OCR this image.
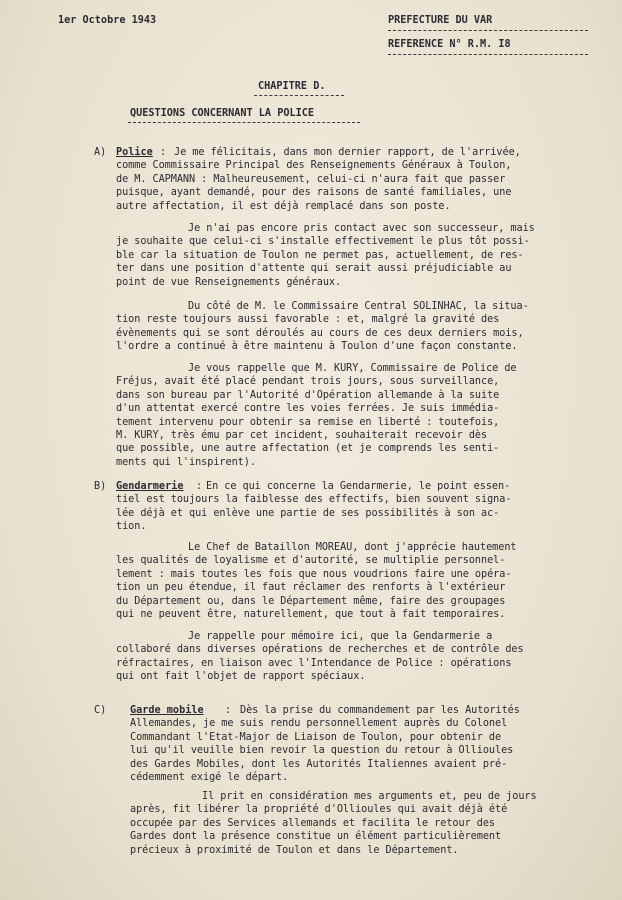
1er Octobre 1943	PREFECTURE DU VAR
REFERENCE N° R.M. I8
CHAPITRE D.
QUESTIONS CONCERNANT LA POLICE
A) Police : Je me félicitais, dans mon dernier rapport, de l'arrivée,
comme Commissaire Principal des Renseignements Généraux à Toulon,
de M. CAPMANN : Malheureusement, celui-ci n'aura fait que passer
puisque, ayant demandé, pour des raisons de santé familiales, une
autre affectation, il est déjà remplacé dans son poste.
Je n'ai pas encore pris contact avec son successeur, mais
je souhaite que celui-ci s'installe effectivement le plus tôt possi-
ble car la situation de Toulon ne permet pas, actuellement, de res-
ter dans une position d'attente qui serait aussi préjudiciable au
point de vue Renseignements généraux.
Du côté de M. le Commissaire Central SOLINHAC, la situa-
tion reste toujours aussi favorable : et, malgré la gravité des
évènements qui se sont déroulés au cours de ces deux derniers mois,
l'ordre a continué à être maintenu à Toulon d'une façon constante.
Je vous rappelle que M. KURY, Commissaire de Police de
Fréjus, avait été placé pendant trois jours, sous surveillance,
dans son bureau par l'Autorité d'Opération allemande à la suite
d'un attentat exercé contre les voies ferrées. Je suis immédia-
tement intervenu pour obtenir sa remise en liberté : toutefois,
M. KURY, très ému par cet incident, souhaiterait recevoir dès
que possible, une autre affectation (et je comprends les senti-
ments qui l'inspirent).
B) Gendarmerie : En ce qui concerne la Gendarmerie, le point essen-
tiel est toujours la faiblesse des effectifs, bien souvent signa-
lée déjà et qui enlève une partie de ses possibilités à son ac-
tion.
Le Chef de Bataillon MOREAU, dont j'apprécie hautement
les qualités de loyalisme et d'autorité, se multiplie personnel-
lement : mais toutes les fois que nous voudrions faire une opéra-
tion un peu étendue, il faut réclamer des renforts à l'extérieur
du Département ou, dans le Département même, faire des groupages
qui ne peuvent être, naturellement, que tout à fait temporaires.
Je rappelle pour mémoire ici, que la Gendarmerie a
collaboré dans diverses opérations de recherches et de contrôle des
réfractaires, en liaison avec l'Intendance de Police : opérations
qui ont fait l'objet de rapport spéciaux.
C) Garde mobile : Dès la prise du commandement par les Autorités
Allemandes, je me suis rendu personnellement auprès du Colonel
Commandant l'Etat-Major de Liaison de Toulon, pour obtenir de
lui qu'il veuille bien revoir la question du retour à Ollioules
des Gardes Mobiles, dont les Autorités Italiennes avaient pré-
cédemment exigé le départ.
Il prit en considération mes arguments et, peu de jours
après, fit libérer la propriété d'Ollioules qui avait déjà été
occupée par des Services allemands et facilita le retour des
Gardes dont la présence constitue un élément particulièrement
précieux à proximité de Toulon et dans le Département.
